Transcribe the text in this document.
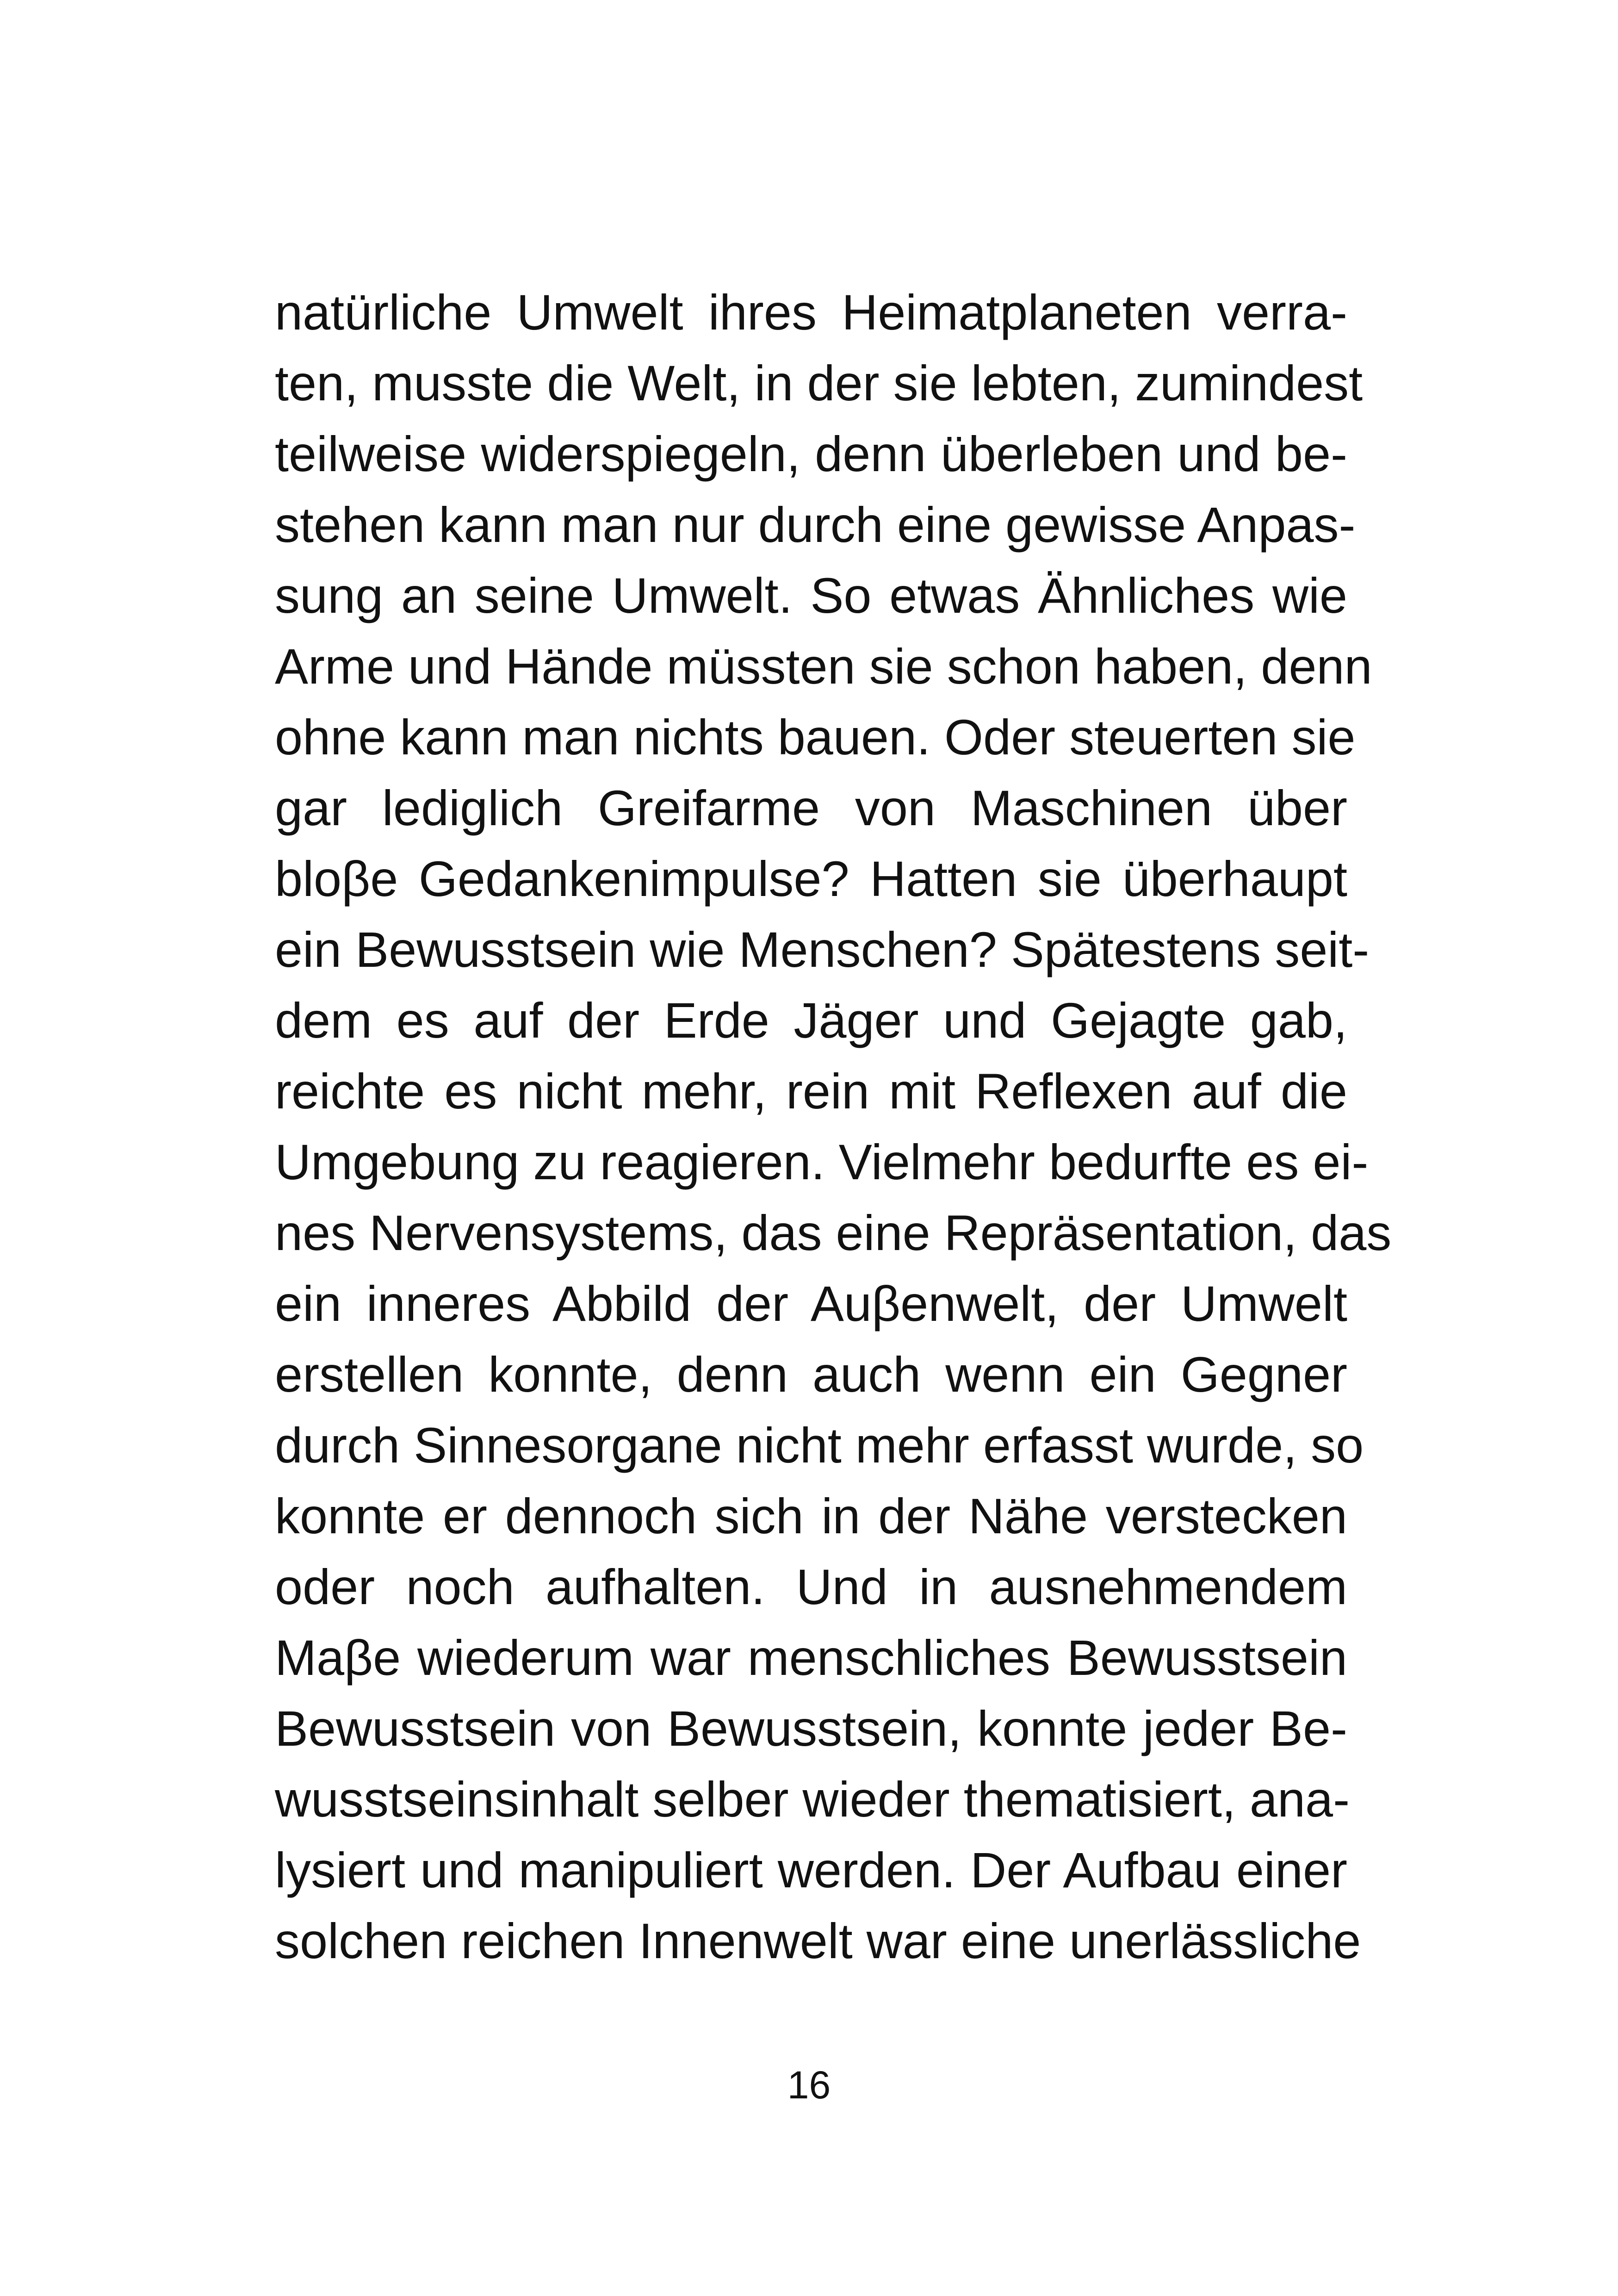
natürliche Umwelt ihres Heimatplaneten verra-
ten, musste die Welt, in der sie lebten, zumindest
teilweise widerspiegeln, denn überleben und be-
stehen kann man nur durch eine gewisse Anpas-
sung an seine Umwelt. So etwas Ähnliches wie
Arme und Hände müssten sie schon haben, denn
ohne kann man nichts bauen. Oder steuerten sie
gar lediglich Greifarme von Maschinen über
bloβe Gedankenimpulse? Hatten sie überhaupt
ein Bewusstsein wie Menschen? Spätestens seit-
dem es auf der Erde Jäger und Gejagte gab,
reichte es nicht mehr, rein mit Reflexen auf die
Umgebung zu reagieren. Vielmehr bedurfte es ei-
nes Nervensystems, das eine Repräsentation, das
ein inneres Abbild der Auβenwelt, der Umwelt
erstellen konnte, denn auch wenn ein Gegner
durch Sinnesorgane nicht mehr erfasst wurde, so
konnte er dennoch sich in der Nähe verstecken
oder noch aufhalten. Und in ausnehmendem
Maβe wiederum war menschliches Bewusstsein
Bewusstsein von Bewusstsein, konnte jeder Be-
wusstseinsinhalt selber wieder thematisiert, ana-
lysiert und manipuliert werden. Der Aufbau einer
solchen reichen Innenwelt war eine unerlässliche
16
